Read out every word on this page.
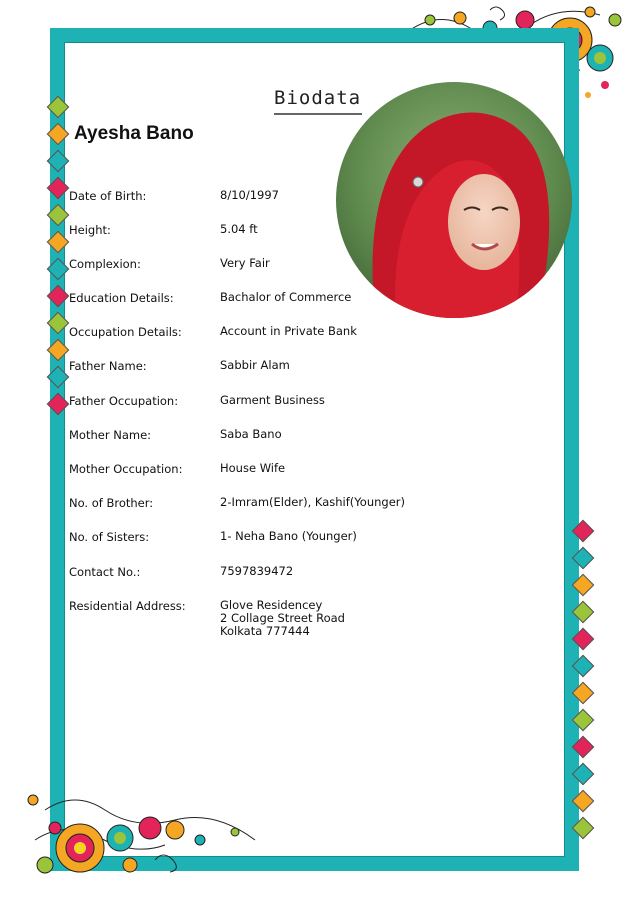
Biodata
Ayesha Bano
Date of Birth:	8/10/1997
Height:	5.04 ft
Complexion:	Very Fair
Education Details:	Bachalor of Commerce
Occupation Details:	Account in Private Bank
Father Name:	Sabbir Alam
Father Occupation:	Garment Business
Mother Name:	Saba Bano
Mother Occupation:	House Wife
No. of Brother:	2-Imram(Elder), Kashif(Younger)
No. of Sisters:	1- Neha Bano (Younger)
Contact No.:	7597839472
Residential Address:	Glove Residencey
2 Collage Street Road
Kolkata 777444
